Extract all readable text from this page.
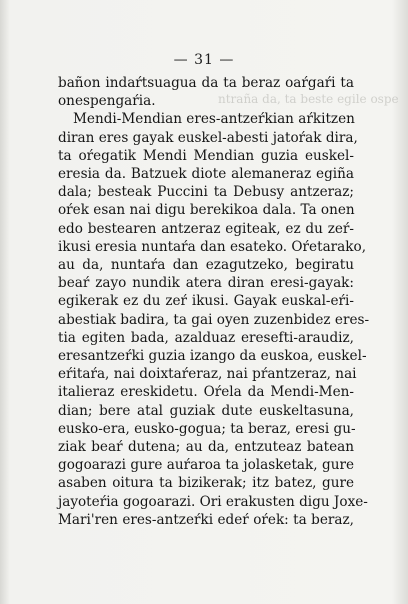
ntraña da, ta beste egile ospe
— 31 —
bañon indaŕtsuagua da ta beraz oaŕgaŕi ta
onespengaŕia.
Mendi-Mendian eres-antzeŕkian aŕkitzen
diran eres gayak euskel-abesti jatoŕak dira,
ta oŕegatik Mendi Mendian guzia euskel-
eresia da. Batzuek diote alemaneraz egiña
dala; besteak Puccini ta Debusy antzeraz;
oŕek esan nai digu berekikoa dala. Ta onen
edo bestearen antzeraz egiteak, ez du zeŕ-
ikusi eresia nuntaŕa dan esateko. Oŕetarako,
au da, nuntaŕa dan ezagutzeko, begiratu
beaŕ zayo nundik atera diran eresi-gayak:
egikerak ez du zeŕ ikusi. Gayak euskal-eŕi-
abestiak badira, ta gai oyen zuzenbidez eres-
tia egiten bada, azalduaz eresefti-araudiz,
eresantzeŕki guzia izango da euskoa, euskel-
eŕitaŕa, nai doixtaŕeraz, nai pŕantzeraz, nai
italieraz ereskidetu. Oŕela da Mendi-Men-
dian; bere atal guziak dute euskeltasuna,
eusko-era, eusko-gogua; ta beraz, eresi gu-
ziak beaŕ dutena; au da, entzuteaz batean
gogoarazi gure auŕaroa ta jolasketak, gure
asaben oitura ta bizikerak; itz batez, gure
jayoteŕia gogoarazi. Ori erakusten digu Joxe-
Mari'ren eres-antzeŕki edeŕ oŕek: ta beraz,
